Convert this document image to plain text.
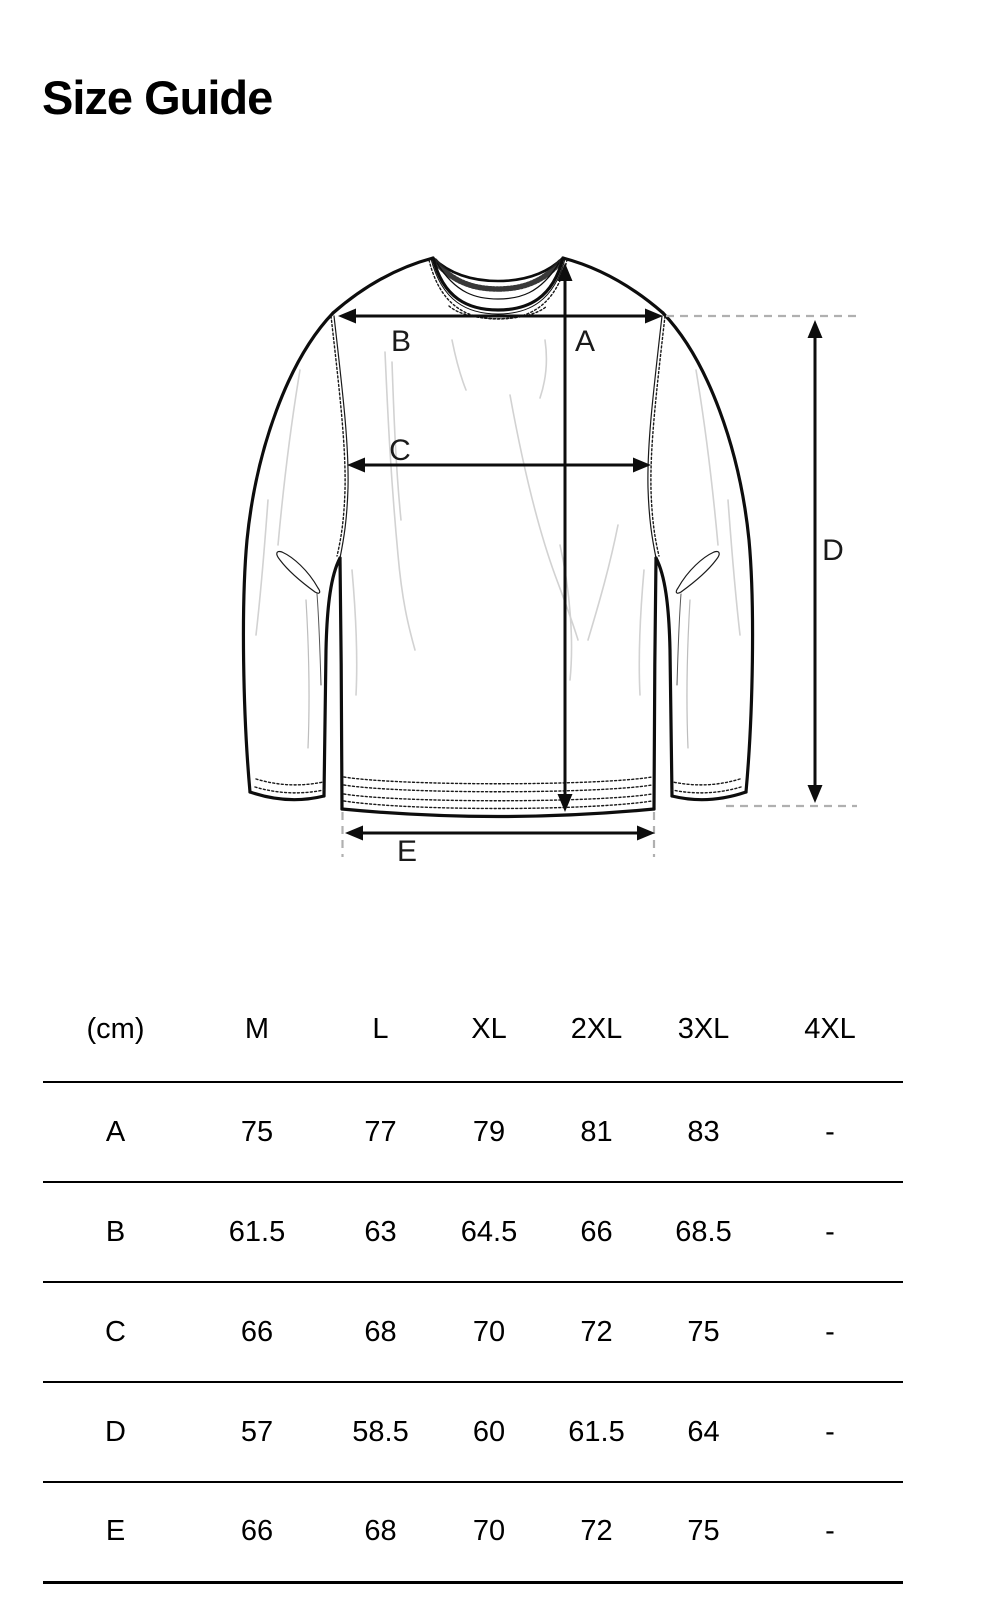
Size Guide
B	A
C
D
E
(cm)	M	L	XL	2XL	3XL	4XL
A	75	77	79	81	83	-
B	61.5	63	64.5	66	68.5	-
C	66	68	70	72	75	-
D	57	58.5	60	61.5	64	-
E	66	68	70	72	75	-
